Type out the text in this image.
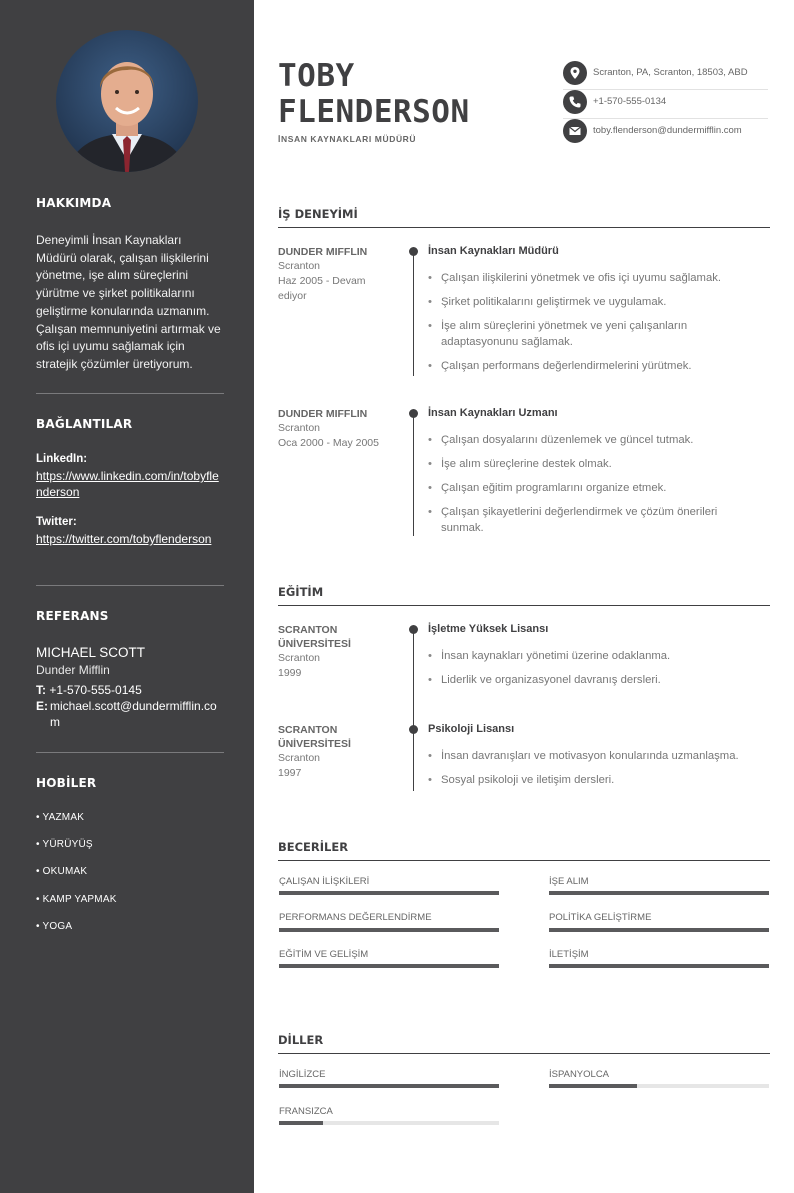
HAKKIMDA
Deneyimli İnsan Kaynakları Müdürü olarak, çalışan ilişkilerini yönetme, işe alım süreçlerini yürütme ve şirket politikalarını geliştirme konularında uzmanım. Çalışan memnuniyetini artırmak ve ofis içi uyumu sağlamak için stratejik çözümler üretiyorum.
BAĞLANTILAR
LinkedIn:
https://www.linkedin.com/in/tobyflenderson
Twitter:
https://twitter.com/tobyflenderson
REFERANS
MICHAEL SCOTT
Dunder Mifflin
T: +1-570-555-0145
E: michael.scott@dundermifflin.com
HOBİLER
• YAZMAK
• YÜRÜYÜŞ
• OKUMAK
• KAMP YAPMAK
• YOGA
TOBY
FLENDERSON
İNSAN KAYNAKLARI MÜDÜRÜ
Scranton, PA, Scranton, 18503, ABD
+1-570-555-0134
toby.flenderson@dundermifflin.com
İŞ DENEYİMİ
DUNDER MIFFLIN
Scranton
Haz 2005 - Devam ediyor
İnsan Kaynakları Müdürü
• Çalışan ilişkilerini yönetmek ve ofis içi uyumu sağlamak.
• Şirket politikalarını geliştirmek ve uygulamak.
• İşe alım süreçlerini yönetmek ve yeni çalışanların adaptasyonunu sağlamak.
• Çalışan performans değerlendirmelerini yürütmek.
DUNDER MIFFLIN
Scranton
Oca 2000 - May 2005
İnsan Kaynakları Uzmanı
• Çalışan dosyalarını düzenlemek ve güncel tutmak.
• İşe alım süreçlerine destek olmak.
• Çalışan eğitim programlarını organize etmek.
• Çalışan şikayetlerini değerlendirmek ve çözüm önerileri sunmak.
EĞİTİM
SCRANTON ÜNİVERSİTESİ
Scranton
1999
İşletme Yüksek Lisansı
• İnsan kaynakları yönetimi üzerine odaklanma.
• Liderlik ve organizasyonel davranış dersleri.
SCRANTON ÜNİVERSİTESİ
Scranton
1997
Psikoloji Lisansı
• İnsan davranışları ve motivasyon konularında uzmanlaşma.
• Sosyal psikoloji ve iletişim dersleri.
BECERİLER
ÇALIŞAN İLİŞKİLERİ	İŞE ALIM
PERFORMANS DEĞERLENDİRME	POLİTİKA GELİŞTİRME
EĞİTİM VE GELİŞİM	İLETİŞİM
DİLLER
İNGİLİZCE	İSPANYOLCA
FRANSIZCA
